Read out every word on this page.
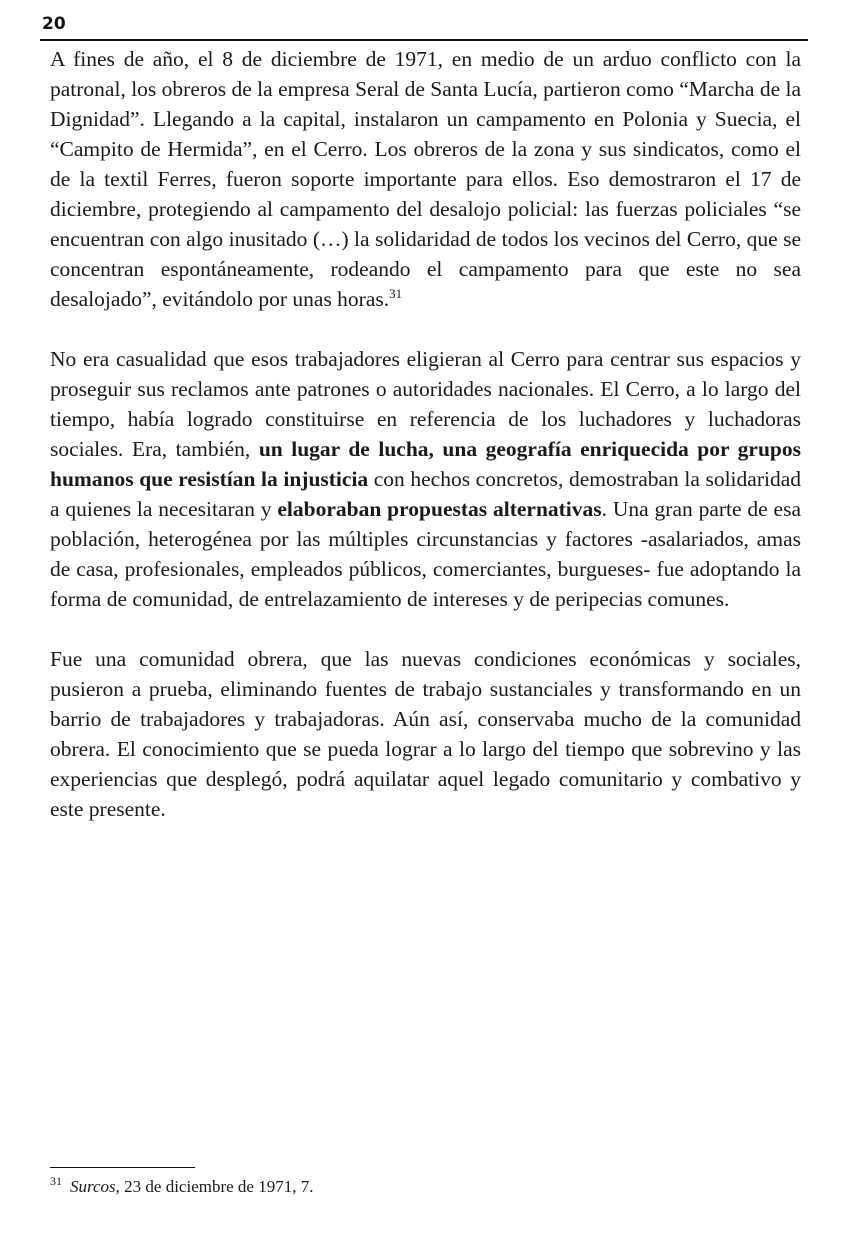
20

A fines de año, el 8 de diciembre de 1971, en medio de un arduo conflicto con la patronal, los obreros de la empresa Seral de Santa Lucía, partieron como “Marcha de la Dignidad”. Llegando a la capital, instalaron un campamento en Polonia y Suecia, el “Campito de Hermida”, en el Cerro. Los obreros de la zona y sus sindicatos, como el de la textil Ferres, fueron soporte importante para ellos. Eso demostraron el 17 de diciembre, protegiendo al campamento del desalojo policial: las fuerzas policiales “se encuentran con algo inusitado (…) la solidaridad de todos los vecinos del Cerro, que se concentran espontáneamente, rodeando el campamento para que este no sea desalojado”, evitándolo por unas horas.$^{31}$

No era casualidad que esos trabajadores eligieran al Cerro para centrar sus espacios y proseguir sus reclamos ante patrones o autoridades nacionales. El Cerro, a lo largo del tiempo, había logrado constituirse en referencia de los luchadores y luchadoras sociales. Era, también, un lugar de lucha, una geografía enriquecida por grupos humanos que resistían la injusticia con hechos concretos, demostraban la solidaridad a quienes la necesitaran y elaboraban propuestas alternativas. Una gran parte de esa población, heterogénea por las múltiples circunstancias y factores -asalariados, amas de casa, profesionales, empleados públicos, comerciantes, burgueses- fue adoptando la forma de comunidad, de entrelazamiento de intereses y de peripecias comunes.

Fue una comunidad obrera, que las nuevas condiciones económicas y sociales, pusieron a prueba, eliminando fuentes de trabajo sustanciales y transformando en un barrio de trabajadores y trabajadoras. Aún así, conservaba mucho de la comunidad obrera. El conocimiento que se pueda lograr a lo largo del tiempo que sobrevino y las experiencias que desplegó, podrá aquilatar aquel legado comunitario y combativo y este presente.

$^{31}$ Surcos, 23 de diciembre de 1971, 7.
